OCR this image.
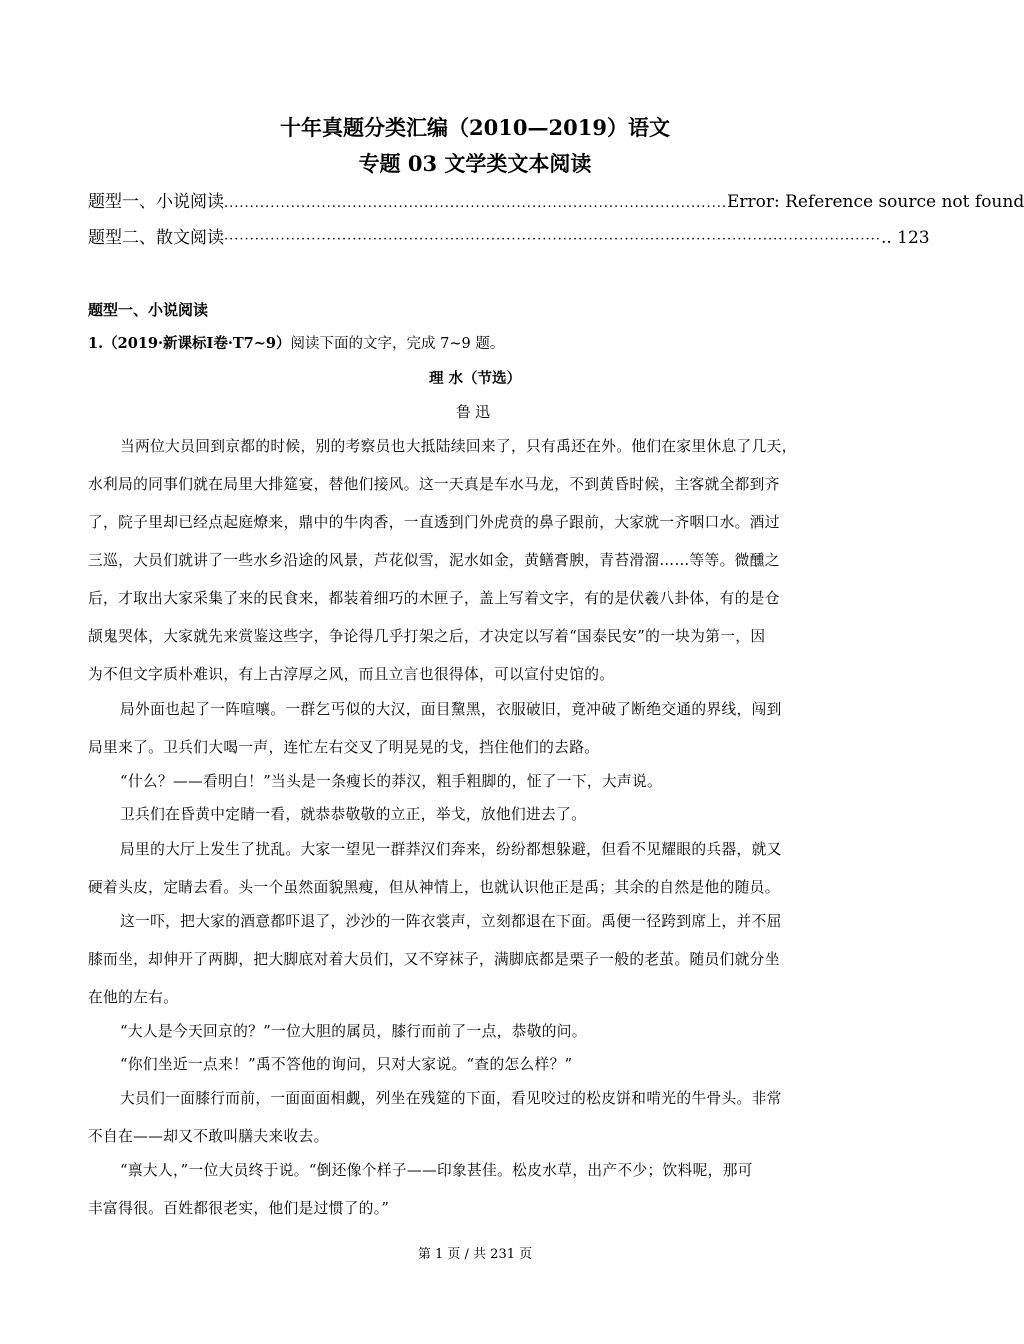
十年真题分类汇编（2010—2019）语文
专题 03 文学类文本阅读
题型一、小说阅读 .................................................................................................. Error: Reference source not found
题型二、散文阅读 ································································································································ .. 123
题型一、小说阅读
1.（2019·新课标Ⅰ卷·T7~9）阅读下面的文字，完成 7~9 题。
理 水（节选）
鲁迅
当两位大员回到京都的时候，别的考察员也大抵陆续回来了，只有禹还在外。他们在家里休息了几天，
水利局的同事们就在局里大排筵宴，替他们接风。这一天真是车水马龙，不到黄昏时候，主客就全都到齐
了，院子里却已经点起庭燎来，鼎中的牛肉香，一直透到门外虎贲的鼻子跟前，大家就一齐咽口水。酒过
三巡，大员们就讲了一些水乡沿途的风景，芦花似雪，泥水如金，黄鳝膏腴，青苔滑溜……等等。微醺之
后，才取出大家采集了来的民食来，都装着细巧的木匣子，盖上写着文字，有的是伏羲八卦体，有的是仓
颉鬼哭体，大家就先来赏鉴这些字，争论得几乎打架之后，才决定以写着“国泰民安”的一块为第一，因
为不但文字质朴难识，有上古淳厚之风，而且立言也很得体，可以宣付史馆的。
局外面也起了一阵喧嚷。一群乞丐似的大汉，面目黧黑，衣服破旧，竟冲破了断绝交通的界线，闯到
局里来了。卫兵们大喝一声，连忙左右交叉了明晃晃的戈，挡住他们的去路。
“什么？——看明白！”当头是一条瘦长的莽汉，粗手粗脚的，怔了一下，大声说。
卫兵们在昏黄中定睛一看，就恭恭敬敬的立正，举戈，放他们进去了。
局里的大厅上发生了扰乱。大家一望见一群莽汉们奔来，纷纷都想躲避，但看不见耀眼的兵器，就又
硬着头皮，定睛去看。头一个虽然面貌黑瘦，但从神情上，也就认识他正是禹；其余的自然是他的随员。
这一吓，把大家的酒意都吓退了，沙沙的一阵衣裳声，立刻都退在下面。禹便一径跨到席上，并不屈
膝而坐，却伸开了两脚，把大脚底对着大员们，又不穿袜子，满脚底都是栗子一般的老茧。随员们就分坐
在他的左右。
“大人是今天回京的？”一位大胆的属员，膝行而前了一点，恭敬的问。
“你们坐近一点来！”禹不答他的询问，只对大家说。“查的怎么样？”
大员们一面膝行而前，一面面面相觑，列坐在残筵的下面，看见咬过的松皮饼和啃光的牛骨头。非常
不自在——却又不敢叫膳夫来收去。
“禀大人，”一位大员终于说。“倒还像个样子——印象甚佳。松皮水草，出产不少；饮料呢，那可
丰富得很。百姓都很老实，他们是过惯了的。”
第 1 页 / 共 231 页
